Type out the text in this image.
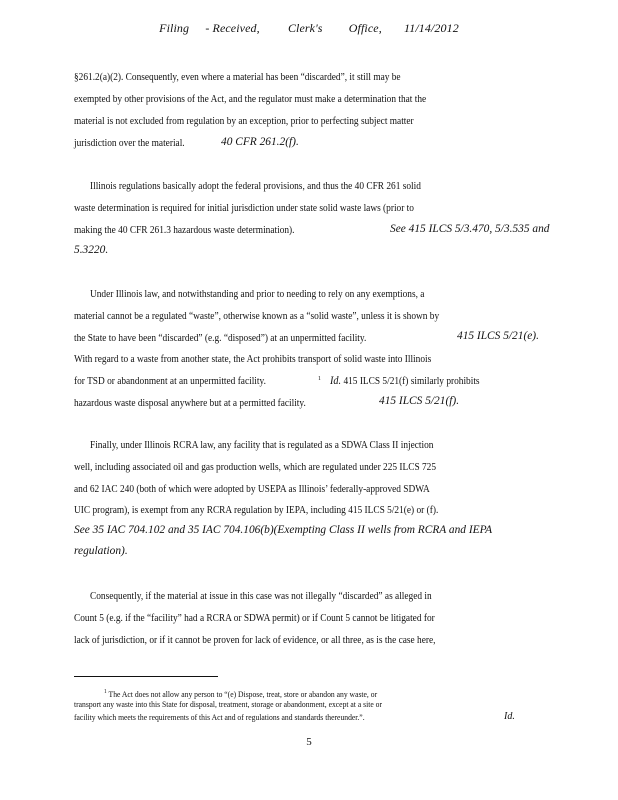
Filing - Received, Clerk's Office, 11/14/2012
§261.2(a)(2). Consequently, even where a material has been “discarded”, it still may be
exempted by other provisions of the Act, and the regulator must make a determination that the
material is not excluded from regulation by an exception, prior to perfecting subject matter
jurisdiction over the material.	40 CFR 261.2(f).
Illinois regulations basically adopt the federal provisions, and thus the 40 CFR 261 solid
waste determination is required for initial jurisdiction under state solid waste laws (prior to
making the 40 CFR 261.3 hazardous waste determination).	See 415 ILCS 5/3.470, 5/3.535 and
5.3220.
Under Illinois law, and notwithstanding and prior to needing to rely on any exemptions, a
material cannot be a regulated “waste”, otherwise known as a “solid waste”, unless it is shown by
the State to have been “discarded” (e.g. “disposed”) at an unpermitted facility.	415 ILCS 5/21(e).
With regard to a waste from another state, the Act prohibits transport of solid waste into Illinois
for TSD or abandonment at an unpermitted facility.	$^1$ Id. 415 ILCS 5/21(f) similarly prohibits
hazardous waste disposal anywhere but at a permitted facility.	415 ILCS 5/21(f).
Finally, under Illinois RCRA law, any facility that is regulated as a SDWA Class II injection
well, including associated oil and gas production wells, which are regulated under 225 ILCS 725
and 62 IAC 240 (both of which were adopted by USEPA as Illinois’ federally-approved SDWA
UIC program), is exempt from any RCRA regulation by IEPA, including 415 ILCS 5/21(e) or (f).
See 35 IAC 704.102 and 35 IAC 704.106(b)(Exempting Class II wells from RCRA and IEPA
regulation).
Consequently, if the material at issue in this case was not illegally “discarded” as alleged in
Count 5 (e.g. if the “facility” had a RCRA or SDWA permit) or if Count 5 cannot be litigated for
lack of jurisdiction, or if it cannot be proven for lack of evidence, or all three, as is the case here,
$^1$ The Act does not allow any person to “(e) Dispose, treat, store or abandon any waste, or
transport any waste into this State for disposal, treatment, storage or abandonment, except at a site or
facility which meets the requirements of this Act and of regulations and standards thereunder.”.	Id.
5
